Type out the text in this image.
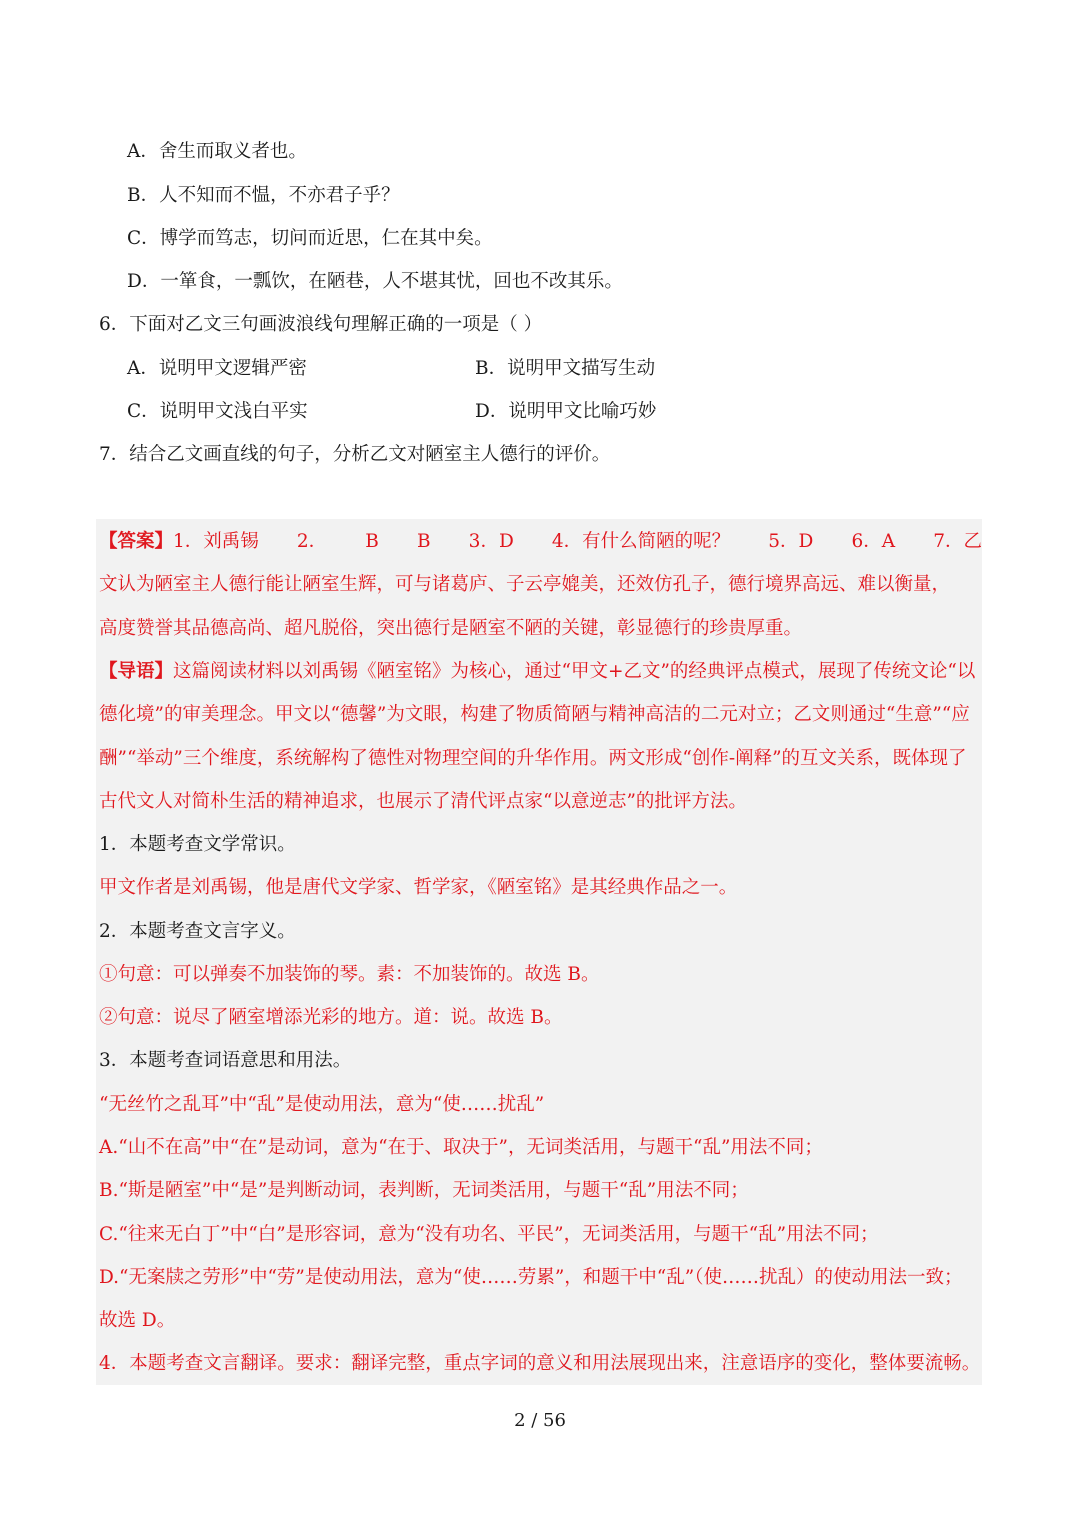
A．舍生而取义者也。
B．人不知而不愠，不亦君子乎？
C．博学而笃志，切问而近思，仁在其中矣。
D．一箪食，一瓢饮，在陋巷，人不堪其忧，回也不改其乐。
6．下面对乙文三句画波浪线句理解正确的一项是（ ）
A．说明甲文逻辑严密	B．说明甲文描写生动
C．说明甲文浅白平实	D．说明甲文比喻巧妙
7．结合乙文画直线的句子，分析乙文对陋室主人德行的评价。
【答案】1．刘禹锡 2． B B 3．D 4．有什么简陋的呢？ 5．D 6．A 7．乙
文认为陋室主人德行能让陋室生辉，可与诸葛庐、子云亭媲美，还效仿孔子，德行境界高远、难以衡量，
高度赞誉其品德高尚、超凡脱俗，突出德行是陋室不陋的关键，彰显德行的珍贵厚重。
【导语】这篇阅读材料以刘禹锡《陋室铭》为核心，通过“甲文+乙文”的经典评点模式，展现了传统文论“以
德化境”的审美理念。甲文以“德馨”为文眼，构建了物质简陋与精神高洁的二元对立；乙文则通过“生意”“应
酬”“举动”三个维度，系统解构了德性对物理空间的升华作用。两文形成“创作-阐释”的互文关系，既体现了
古代文人对简朴生活的精神追求，也展示了清代评点家“以意逆志”的批评方法。
1．本题考查文学常识。
甲文作者是刘禹锡，他是唐代文学家、哲学家，《陋室铭》是其经典作品之一。
2．本题考查文言字义。
①句意：可以弹奏不加装饰的琴。素：不加装饰的。故选 B。
②句意：说尽了陋室增添光彩的地方。道：说。故选 B。
3．本题考查词语意思和用法。
“无丝竹之乱耳”中“乱”是使动用法，意为“使……扰乱”
A.“山不在高”中“在”是动词，意为“在于、取决于”，无词类活用，与题干“乱”用法不同；
B.“斯是陋室”中“是”是判断动词，表判断，无词类活用，与题干“乱”用法不同；
C.“往来无白丁”中“白”是形容词，意为“没有功名、平民”，无词类活用，与题干“乱”用法不同；
D.“无案牍之劳形”中“劳”是使动用法，意为“使……劳累”，和题干中“乱”（使……扰乱）的使动用法一致；
故选 D。
4．本题考查文言翻译。要求：翻译完整，重点字词的意义和用法展现出来，注意语序的变化，整体要流畅。
2 / 56
